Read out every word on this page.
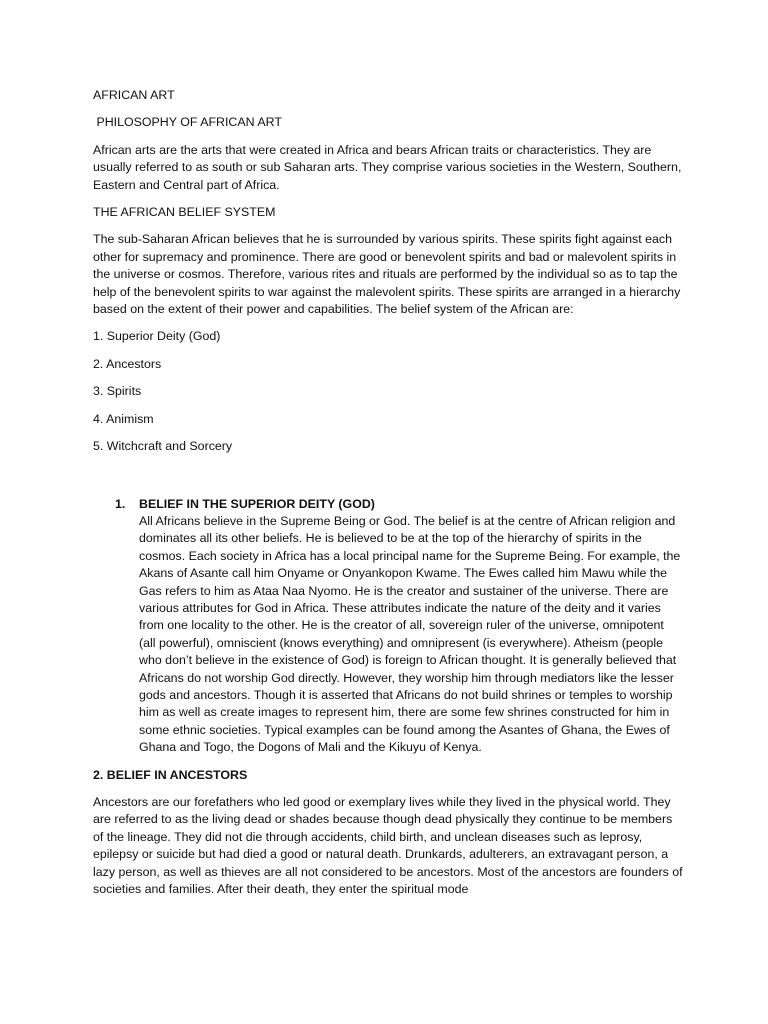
AFRICAN ART

PHILOSOPHY OF AFRICAN ART

African arts are the arts that were created in Africa and bears African traits or characteristics. They are usually referred to as south or sub Saharan arts. They comprise various societies in the Western, Southern, Eastern and Central part of Africa.

THE AFRICAN BELIEF SYSTEM

The sub-Saharan African believes that he is surrounded by various spirits. These spirits fight against each other for supremacy and prominence. There are good or benevolent spirits and bad or malevolent spirits in the universe or cosmos. Therefore, various rites and rituals are performed by the individual so as to tap the help of the benevolent spirits to war against the malevolent spirits. These spirits are arranged in a hierarchy based on the extent of their power and capabilities. The belief system of the African are:

1. Superior Deity (God)

2. Ancestors

3. Spirits

4. Animism

5. Witchcraft and Sorcery

1. BELIEF IN THE SUPERIOR DEITY (GOD)
All Africans believe in the Supreme Being or God. The belief is at the centre of African religion and dominates all its other beliefs. He is believed to be at the top of the hierarchy of spirits in the cosmos. Each society in Africa has a local principal name for the Supreme Being. For example, the Akans of Asante call him Onyame or Onyankopon Kwame. The Ewes called him Mawu while the Gas refers to him as Ataa Naa Nyomo. He is the creator and sustainer of the universe. There are various attributes for God in Africa. These attributes indicate the nature of the deity and it varies from one locality to the other. He is the creator of all, sovereign ruler of the universe, omnipotent (all powerful), omniscient (knows everything) and omnipresent (is everywhere). Atheism (people who don’t believe in the existence of God) is foreign to African thought. It is generally believed that Africans do not worship God directly. However, they worship him through mediators like the lesser gods and ancestors. Though it is asserted that Africans do not build shrines or temples to worship him as well as create images to represent him, there are some few shrines constructed for him in some ethnic societies. Typical examples can be found among the Asantes of Ghana, the Ewes of Ghana and Togo, the Dogons of Mali and the Kikuyu of Kenya.

2. BELIEF IN ANCESTORS

Ancestors are our forefathers who led good or exemplary lives while they lived in the physical world. They are referred to as the living dead or shades because though dead physically they continue to be members of the lineage. They did not die through accidents, child birth, and unclean diseases such as leprosy, epilepsy or suicide but had died a good or natural death. Drunkards, adulterers, an extravagant person, a lazy person, as well as thieves are all not considered to be ancestors. Most of the ancestors are founders of societies and families. After their death, they enter the spiritual mode
